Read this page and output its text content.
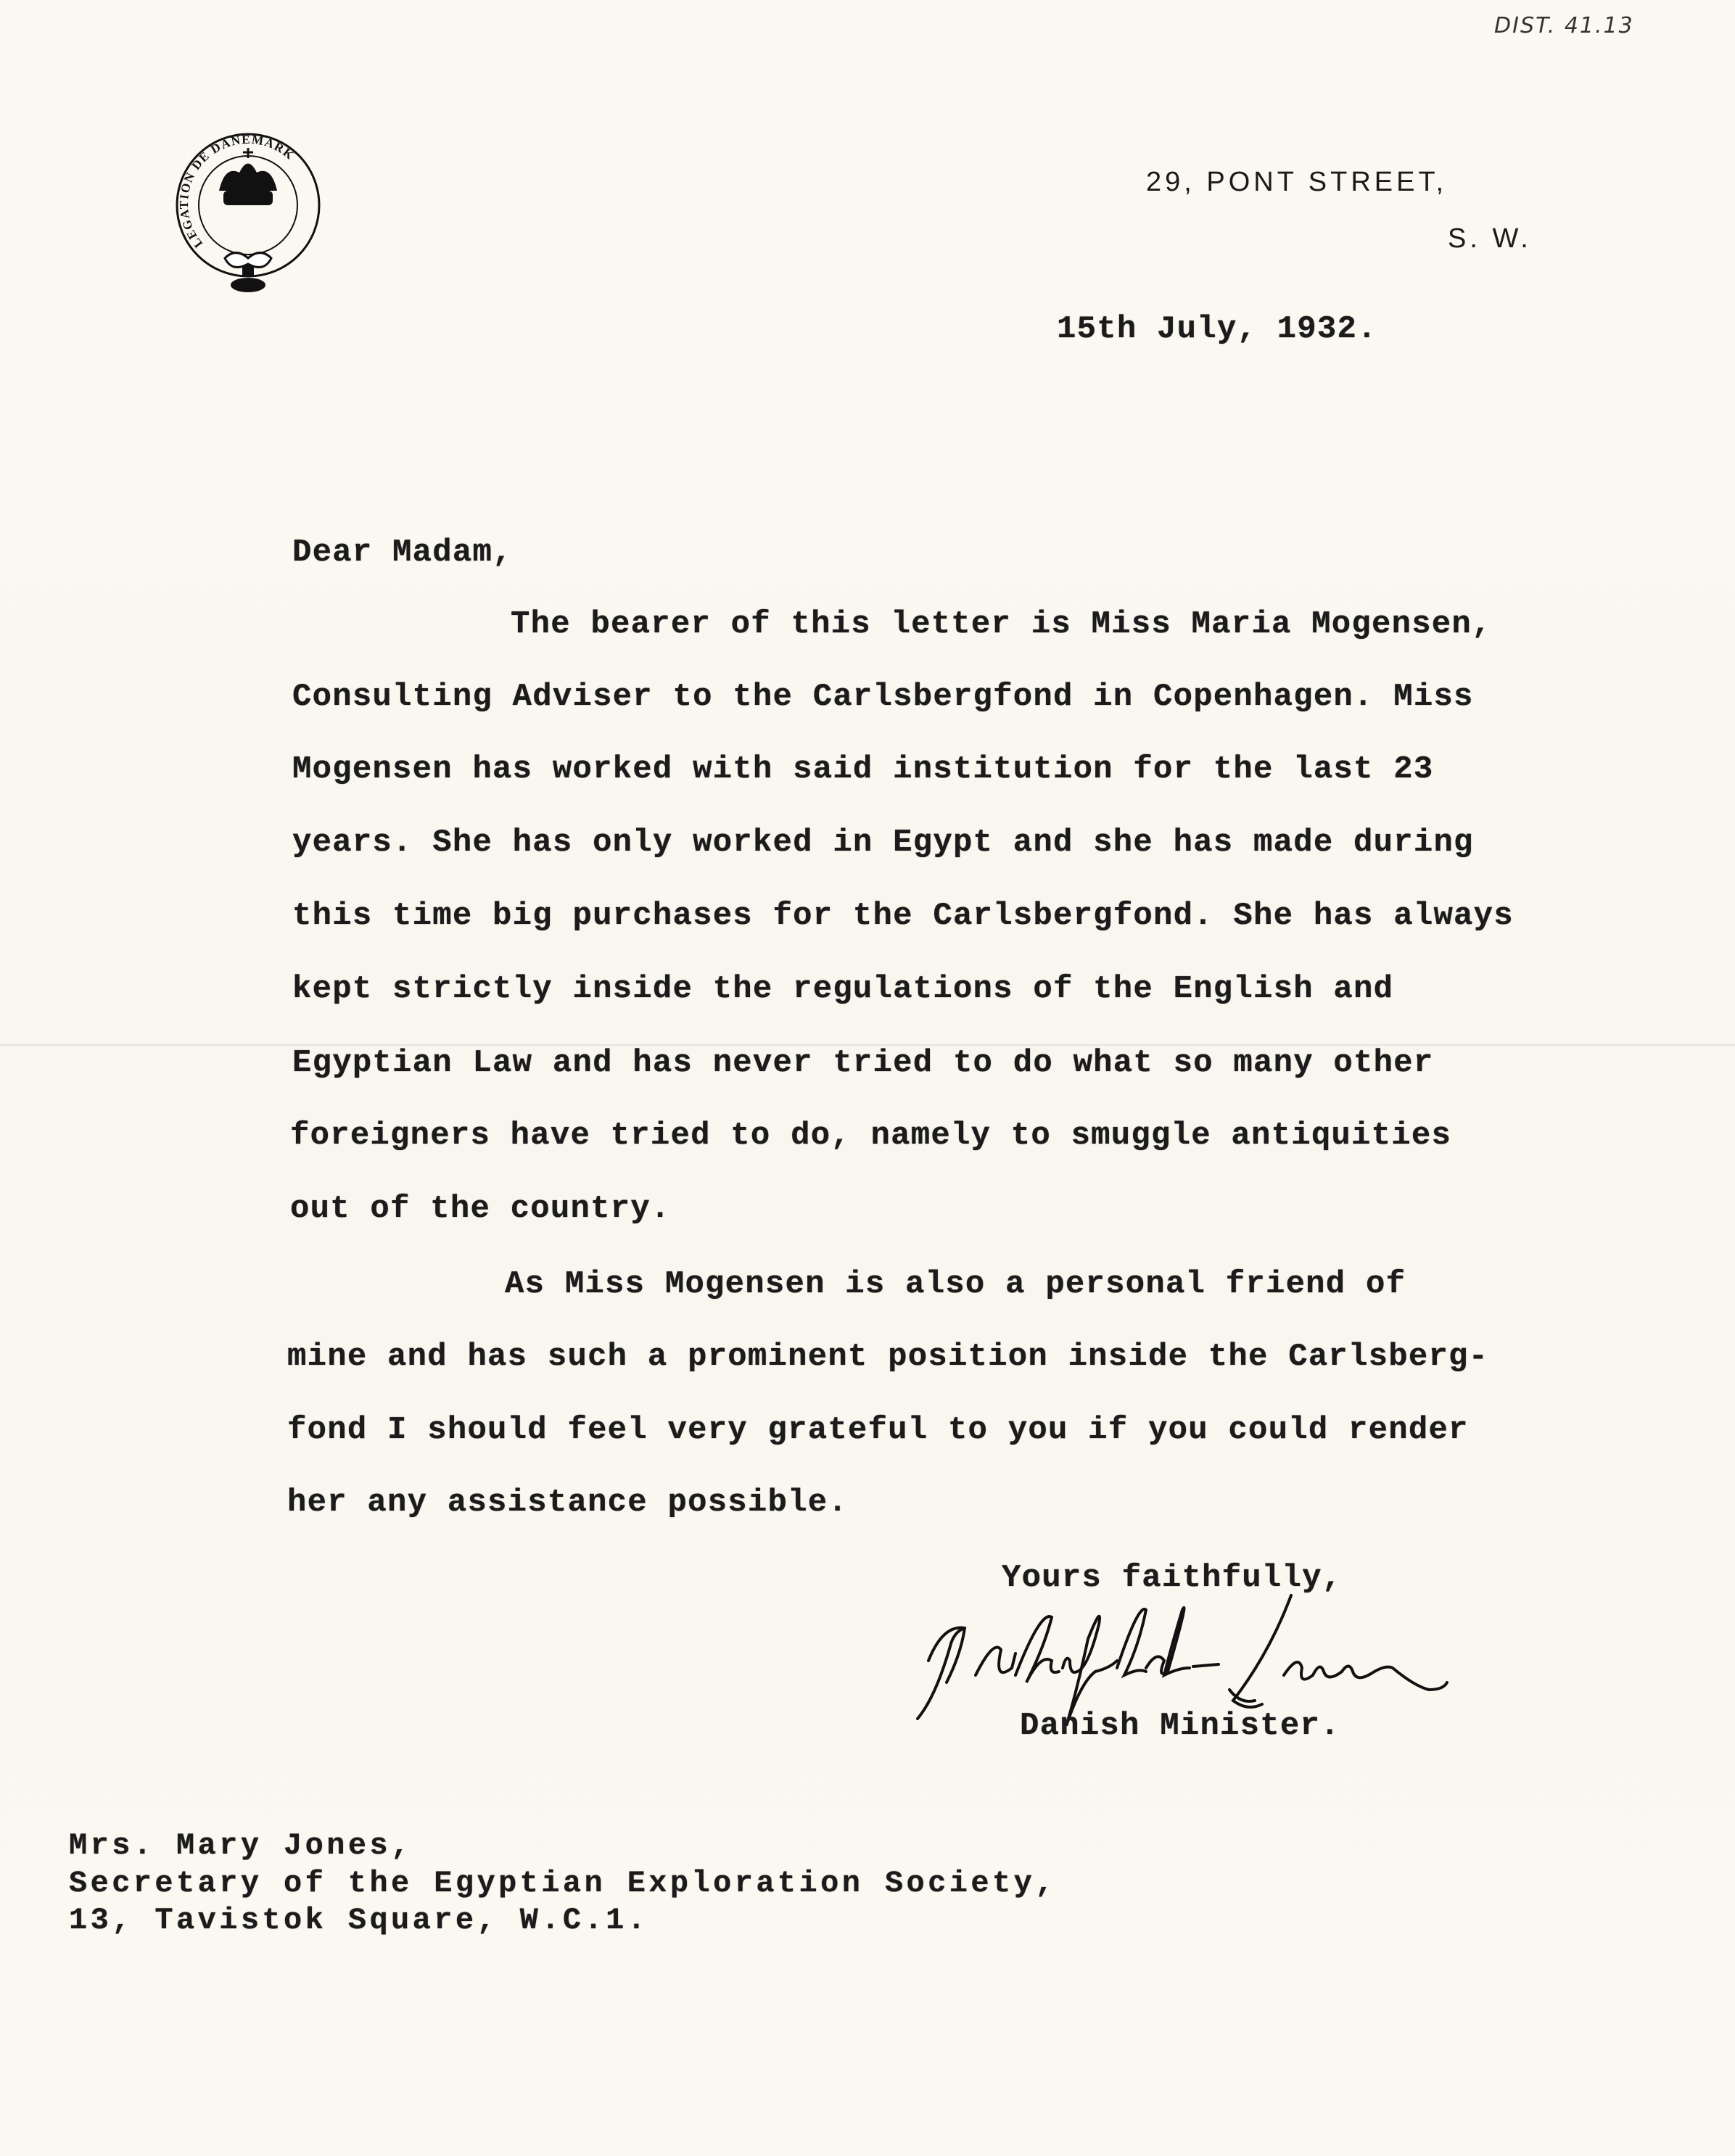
DIST. 41.13
LEGATION DE DANEMARK
29, PONT STREET,
S. W.
15th July, 1932.
Dear Madam,
The bearer of this letter is Miss Maria Mogensen,
Consulting Adviser to the Carlsbergfond in Copenhagen. Miss
Mogensen has worked with said institution for the last 23
years. She has only worked in Egypt and she has made during
this time big purchases for the Carlsbergfond. She has always
kept strictly inside the regulations of the English and
Egyptian Law and has never tried to do what so many other
foreigners have tried to do, namely to smuggle antiquities
out of the country.
As Miss Mogensen is also a personal friend of
mine and has such a prominent position inside the Carlsberg-
fond I should feel very grateful to you if you could render
her any assistance possible.
Yours faithfully,
Danish Minister.
Mrs. Mary Jones,
Secretary of the Egyptian Exploration Society,
13, Tavistok Square, W.C.1.
